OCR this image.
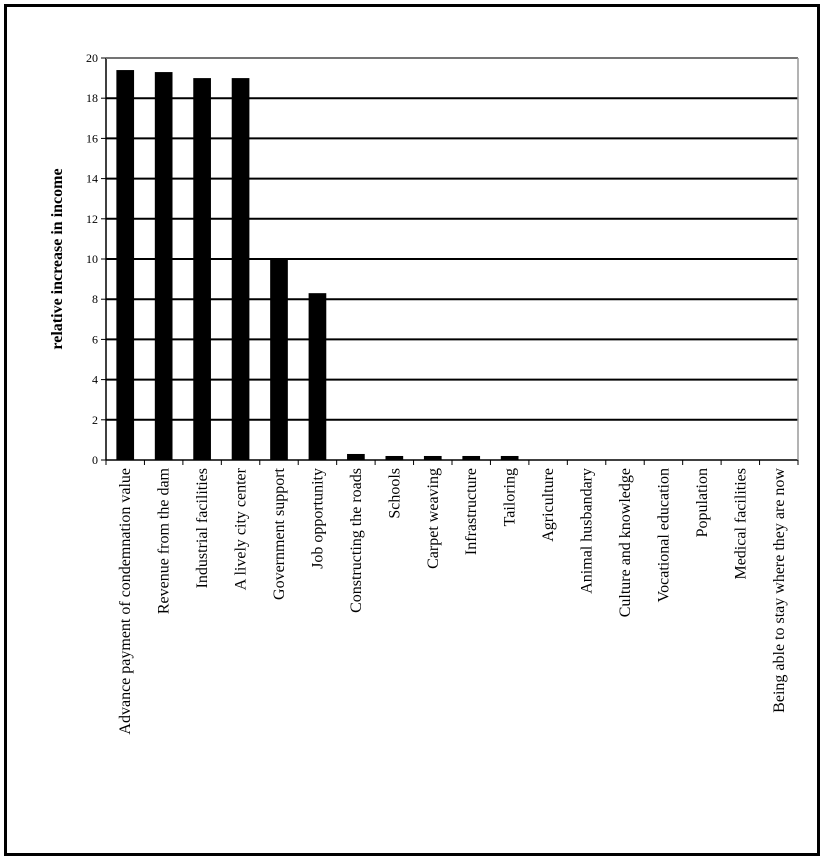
relative increase in income
0
2
4
6
8
10
12
14
16
18
20
Advance payment of condemnation value Revenue from the dam Industrial facilities A lively city center Government support Job opportunity Constructing the roads Schools Carpet weaving Infrastructure Tailoring Agriculture Animal husbandary Culture and knowledge Vocational education Population Medical facilities Being able to stay where they are now
